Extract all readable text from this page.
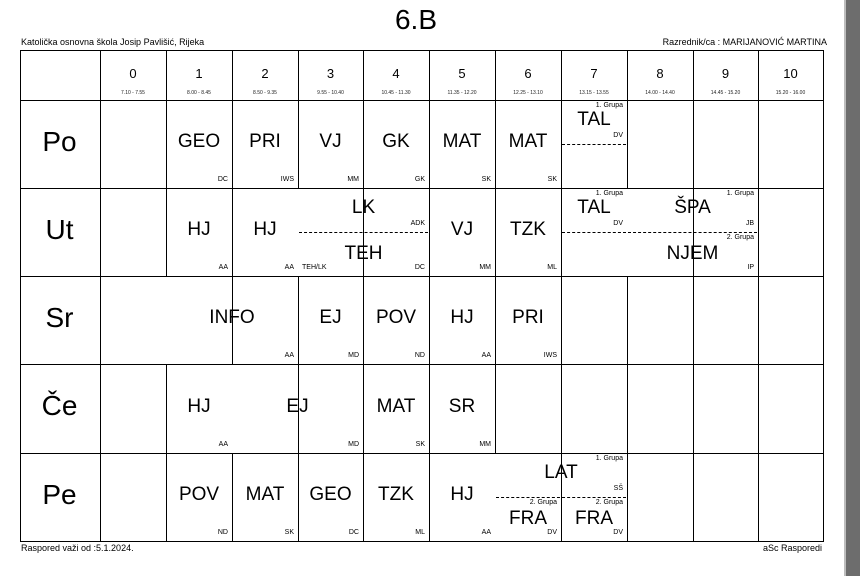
6.B
Katolička osnovna škola Josip Pavlišić, Rijeka	Razrednik/ca : MARIJANOVIĆ MARTINA
0
7.10 - 7.55
1
8.00 - 8.45
2
8.50 - 9.35
3
9.55 - 10.40
4
10.45 - 11.30
5
11.35 - 12.20
6
12.25 - 13.10
7
13.15 - 13.55
8
14.00 - 14.40
9
14.45 - 15.20
10
15.20 - 16.00
Po
Ut
Sr
Če
Pe
GEO
DC
PRI
IWS
VJ
MM
GK
GK
MAT
SK
MAT
SK
TAL
DV
1. Grupa
HJ
AA
HJ
AA
LK
ADK
TEH
DC
TEH/LK
VJ
MM
TZK
ML
TAL
DV
1. Grupa
ŠPA
JB
1. Grupa
NJEM
IP
2. Grupa
INFO
AA
EJ
MD
POV
ND
HJ
AA
PRI
IWS
HJ
AA
EJ
MD
MAT
SK
SR
MM
POV
ND
MAT
SK
GEO
DC
TZK
ML
HJ
AA
LAT
SŠ
1. Grupa
FRA
DV
2. Grupa
FRA
DV
2. Grupa
Raspored važi od :5.1.2024.	aSc Rasporedi
